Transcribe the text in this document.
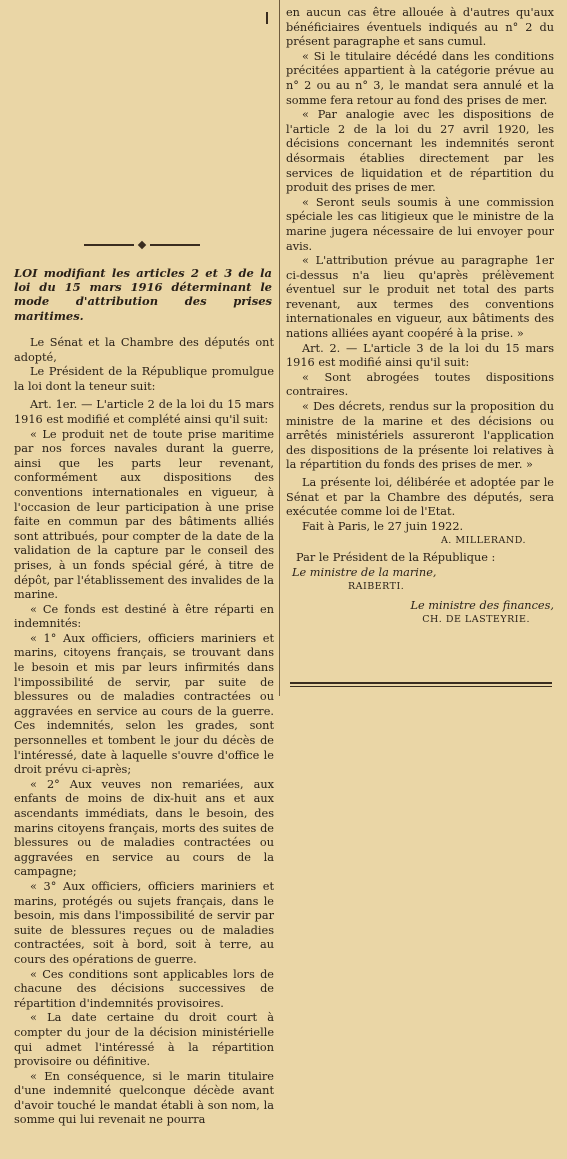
LOI modifiant les articles 2 et 3 de la loi du 15 mars 1916 déterminant le mode d'attribution des prises maritimes.

Le Sénat et la Chambre des députés ont adopté,

Le Président de la République promulgue la loi dont la teneur suit:

Art. 1er. — L'article 2 de la loi du 15 mars 1916 est modifié et complété ainsi qu'il suit:

« Le produit net de toute prise maritime par nos forces navales durant la guerre, ainsi que les parts leur revenant, conformément aux dispositions des conventions internationales en vigueur, à l'occasion de leur participation à une prise faite en commun par des bâtiments alliés sont attribués, pour compter de la date de la validation de la capture par le conseil des prises, à un fonds spécial géré, à titre de dépôt, par l'établissement des invalides de la marine.

« Ce fonds est destiné à être réparti en indemnités:

« 1° Aux officiers, officiers mariniers et marins, citoyens français, se trouvant dans le besoin et mis par leurs infirmités dans l'impossibilité de servir, par suite de blessures ou de maladies contractées ou aggravées en service au cours de la guerre. Ces indemnités, selon les grades, sont personnelles et tombent le jour du décès de l'intéressé, date à laquelle s'ouvre d'office le droit prévu ci-après;

« 2° Aux veuves non remariées, aux enfants de moins de dix-huit ans et aux ascendants immédiats, dans le besoin, des marins citoyens français, morts des suites de blessures ou de maladies contractées ou aggravées en service au cours de la campagne;

« 3° Aux officiers, officiers mariniers et marins, protégés ou sujets français, dans le besoin, mis dans l'impossibilité de servir par suite de blessures reçues ou de maladies contractées, soit à bord, soit à terre, au cours des opérations de guerre.

« Ces conditions sont applicables lors de chacune des décisions successives de répartition d'indemnités provisoires.

« La date certaine du droit court à compter du jour de la décision ministérielle qui admet l'intéressé à la répartition provisoire ou définitive.

« En conséquence, si le marin titulaire d'une indemnité quelconque décède avant d'avoir touché le mandat établi à son nom, la somme qui lui revenait ne pourra

en aucun cas être allouée à d'autres qu'aux bénéficiaires éventuels indiqués au n° 2 du présent paragraphe et sans cumul.

« Si le titulaire décédé dans les conditions précitées appartient à la catégorie prévue au n° 2 ou au n° 3, le mandat sera annulé et la somme fera retour au fond des prises de mer.

« Par analogie avec les dispositions de l'article 2 de la loi du 27 avril 1920, les décisions concernant les indemnités seront désormais établies directement par les services de liquidation et de répartition du produit des prises de mer.

« Seront seuls soumis à une commission spéciale les cas litigieux que le ministre de la marine jugera nécessaire de lui envoyer pour avis.

« L'attribution prévue au paragraphe 1er ci-dessus n'a lieu qu'après prélèvement éventuel sur le produit net total des parts revenant, aux termes des conventions internationales en vigueur, aux bâtiments des nations alliées ayant coopéré à la prise. »

Art. 2. — L'article 3 de la loi du 15 mars 1916 est modifié ainsi qu'il suit:

« Sont abrogées toutes dispositions contraires.

« Des décrets, rendus sur la proposition du ministre de la marine et des décisions ou arrêtés ministériels assureront l'application des dispositions de la présente loi relatives à la répartition du fonds des prises de mer. »

La présente loi, délibérée et adoptée par le Sénat et par la Chambre des députés, sera exécutée comme loi de l'Etat.

Fait à Paris, le 27 juin 1922.

A. MILLERAND.

Par le Président de la République :

Le ministre de la marine,

RAIBERTI.

Le ministre des finances,

CH. DE LASTEYRIE.
